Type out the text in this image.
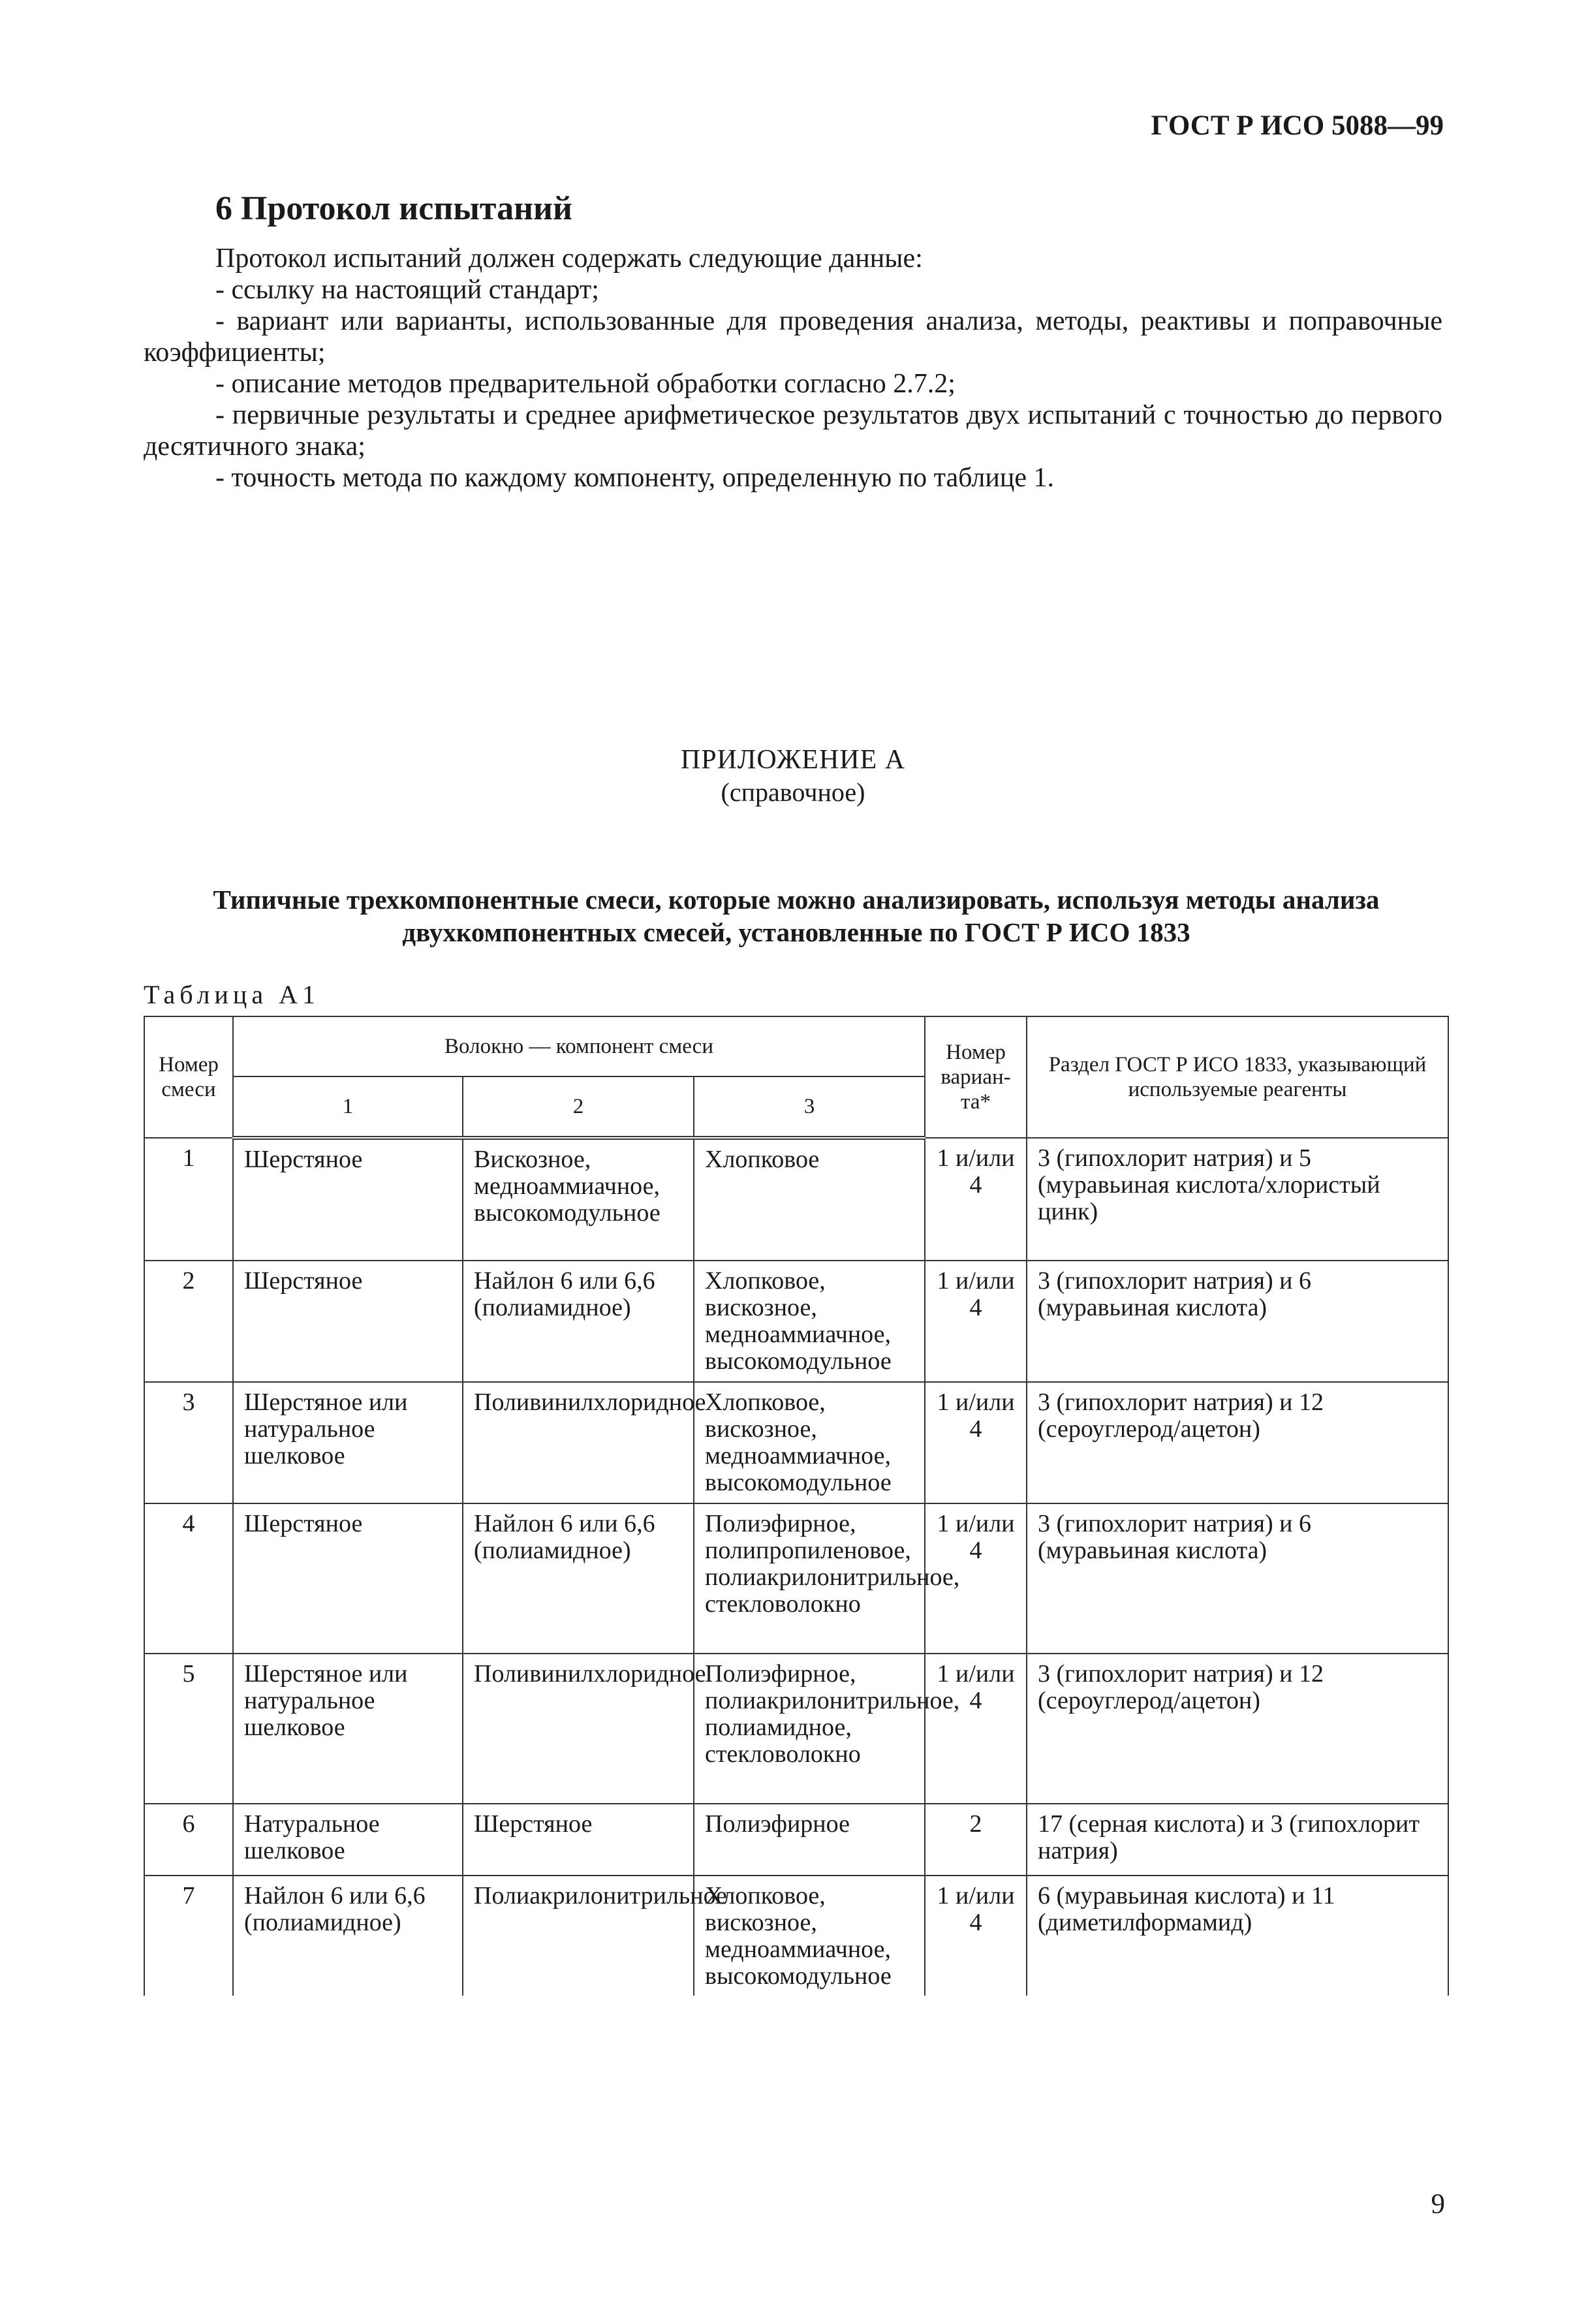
ГОСТ Р ИСО 5088—99
6 Протокол испытаний

Протокол испытаний должен содержать следующие данные:

- ссылку на настоящий стандарт;

- вариант или варианты, использованные для проведения анализа, методы, реактивы и поправочные коэффициенты;

- описание методов предварительной обработки согласно 2.7.2;

- первичные результаты и среднее арифметическое результатов двух испытаний с точностью до первого десятичного знака;

- точность метода по каждому компоненту, определенную по таблице 1.

ПРИЛОЖЕНИЕ А
(справочное)
Типичные трехкомпонентные смеси, которые можно анализировать, используя методы анализа
двухкомпонентных смесей, установленные по ГОСТ Р ИСО 1833
Таблица А1
Номер смеси	Волокно — компонент смеси			Номер вариан- та*	Раздел ГОСТ Р ИСО 1833, указывающий используемые реагенты
	1	2	3		
1	Шерстяное	Вискозное, медноаммиачное, высокомодульное	Хлопковое	1 и/или 4	3 (гипохлорит натрия) и 5 (муравьиная кислота/хлористый цинк)
2	Шерстяное	Найлон 6 или 6,6 (полиамидное)	Хлопковое, вискозное, медноаммиачное, высокомодульное	1 и/или 4	3 (гипохлорит натрия) и 6 (муравьиная кислота)
3	Шерстяное или натуральное шелковое	Поливинилхлоридное	Хлопковое, вискозное, медноаммиачное, высокомодульное	1 и/или 4	3 (гипохлорит натрия) и 12 (сероуглерод/ацетон)
4	Шерстяное	Найлон 6 или 6,6 (полиамидное)	Полиэфирное, полипропиленовое, полиакрилонитрильное, стекловолокно	1 и/или 4	3 (гипохлорит натрия) и 6 (муравьиная кислота)
5	Шерстяное или натуральное шелковое	Поливинилхлоридное	Полиэфирное, полиакрилонитрильное, полиамидное, стекловолокно	1 и/или 4	3 (гипохлорит натрия) и 12 (сероуглерод/ацетон)
6	Натуральное шелковое	Шерстяное	Полиэфирное	2	17 (серная кислота) и 3 (гипохлорит натрия)
7	Найлон 6 или 6,6 (полиамидное)	Полиакрилонитрильное	Хлопковое, вискозное, медноаммиачное, высокомодульное	1 и/или 4	6 (муравьиная кислота) и 11 (диметилформамид)
9
